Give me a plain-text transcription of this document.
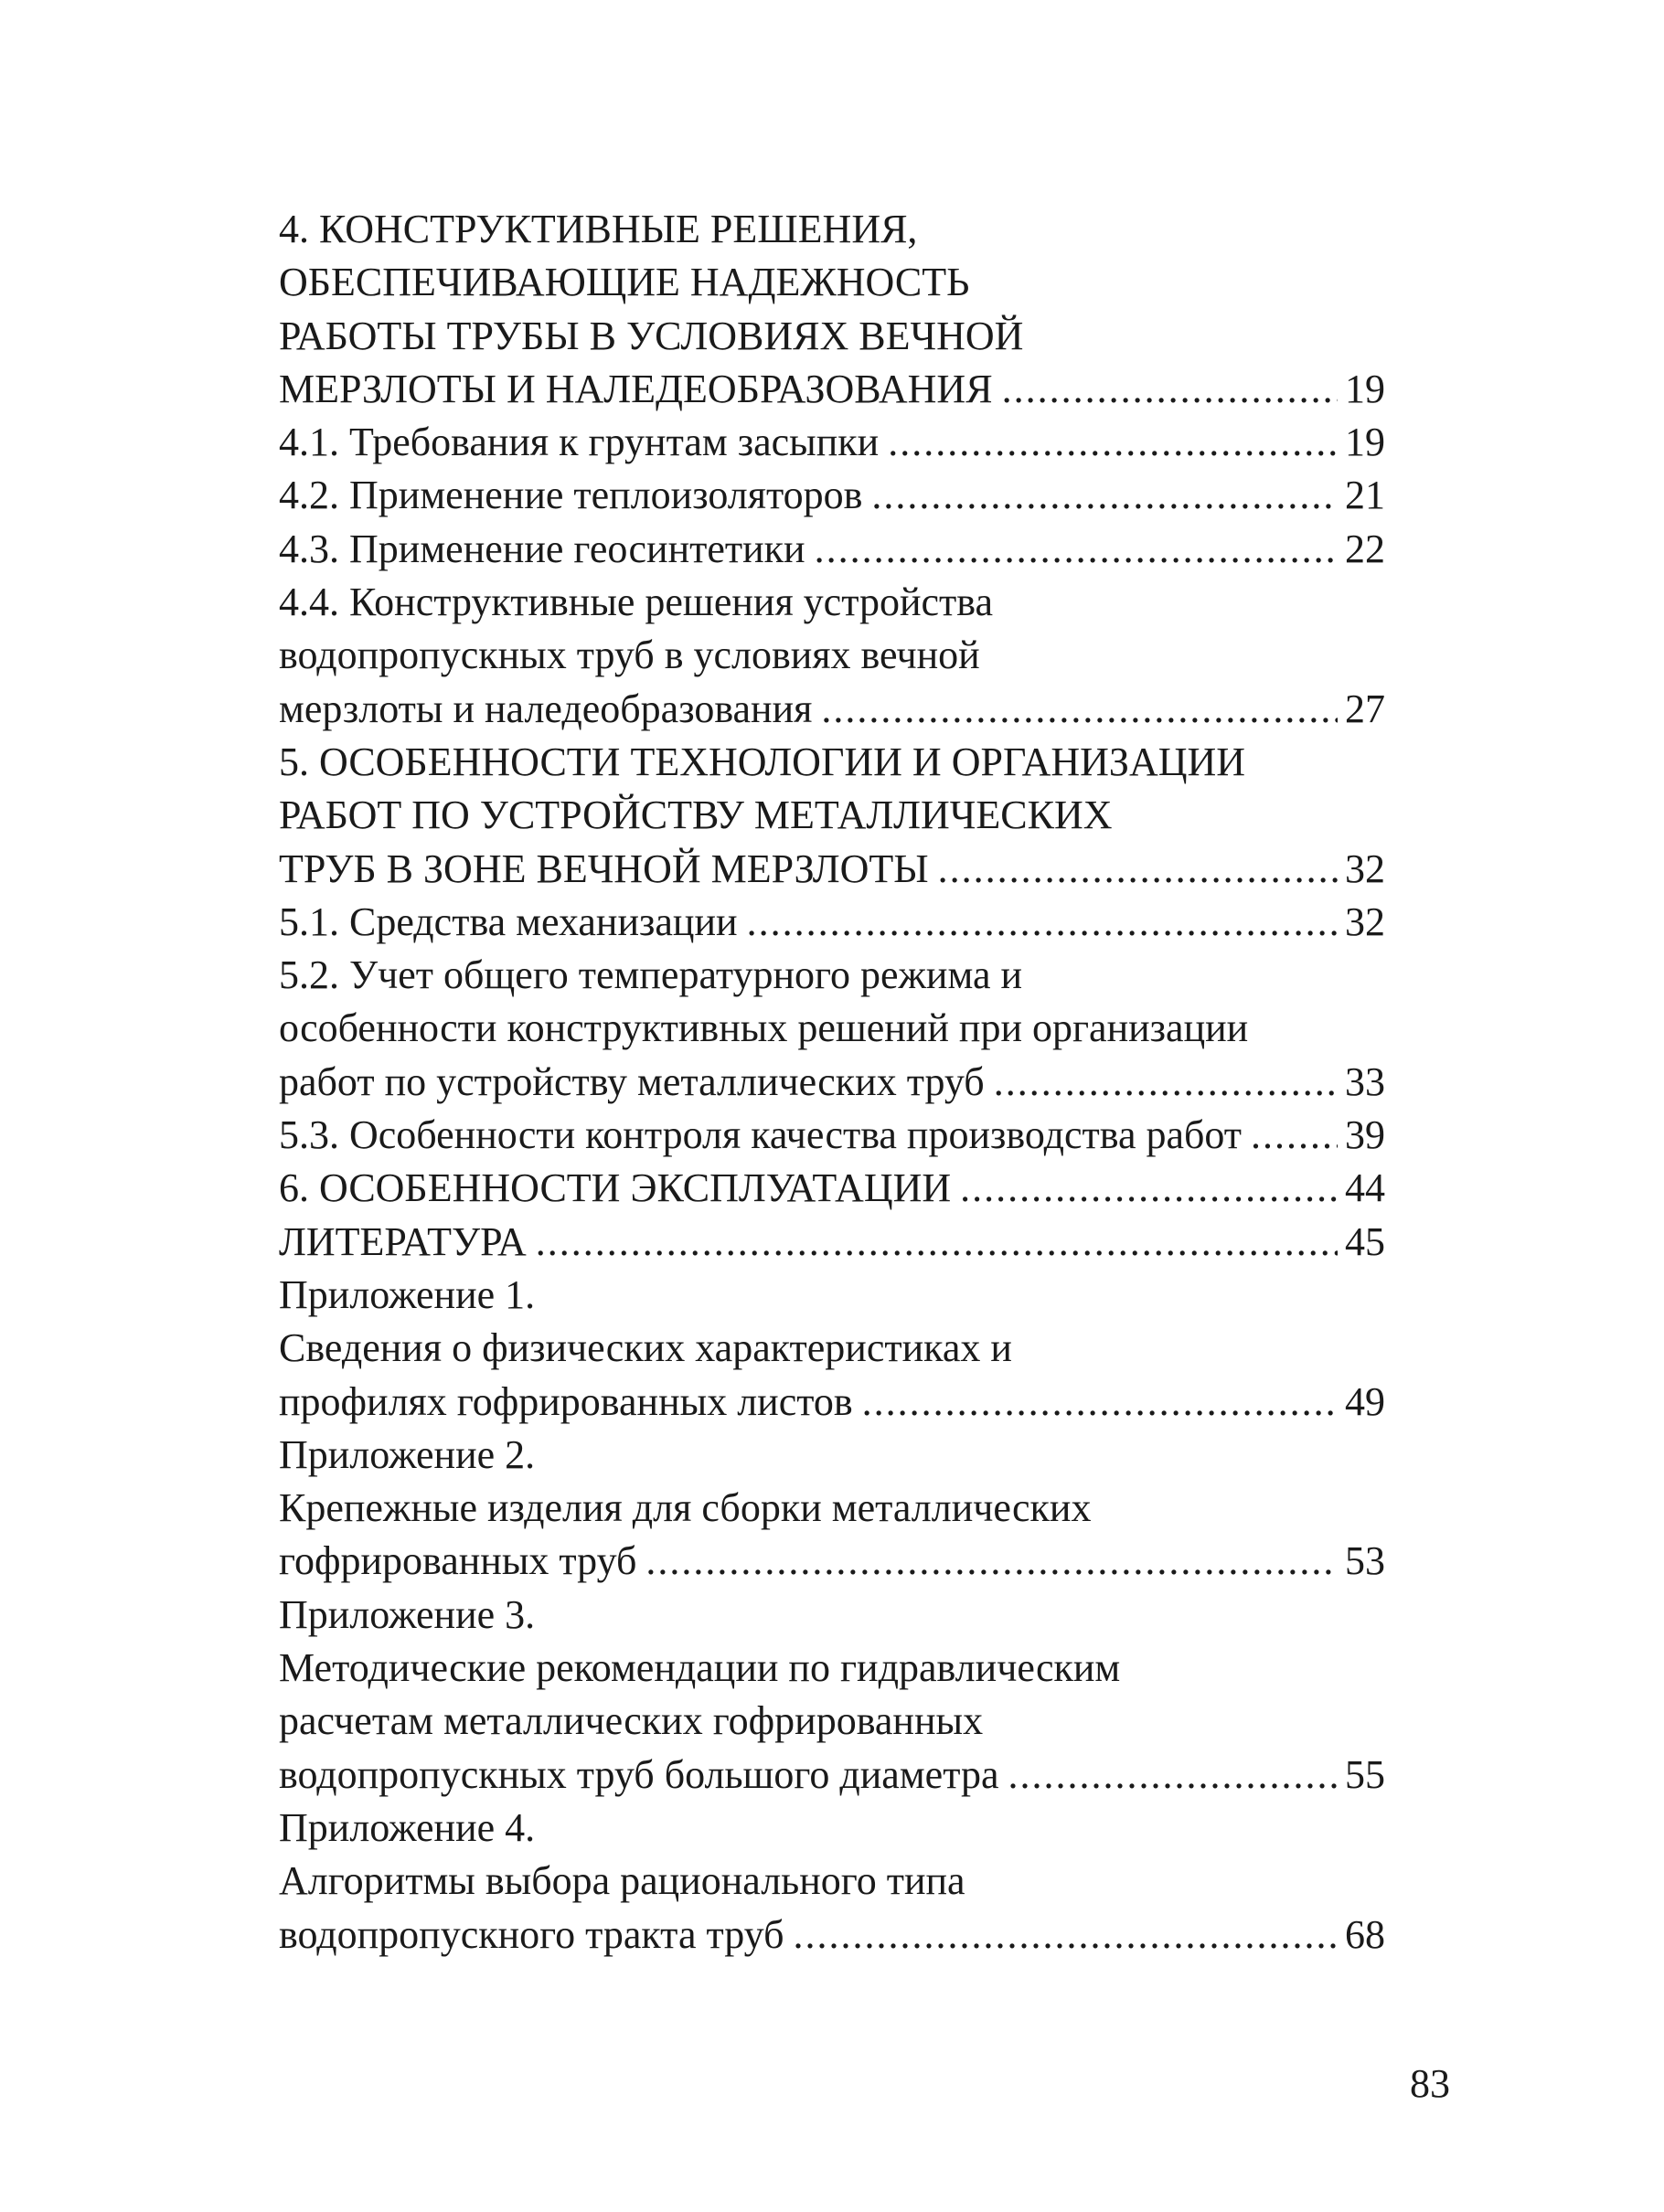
4. КОНСТРУКТИВНЫЕ РЕШЕНИЯ,
ОБЕСПЕЧИВАЮЩИЕ НАДЕЖНОСТЬ
РАБОТЫ ТРУБЫ В УСЛОВИЯХ ВЕЧНОЙ
МЕРЗЛОТЫ И НАЛЕДЕОБРАЗОВАНИЯ .....	19
4.1. Требования к грунтам засыпки .....	19
4.2. Применение теплоизоляторов .....	21
4.3. Применение геосинтетики .....	22
4.4. Конструктивные решения устройства
водопропускных труб в условиях вечной
мерзлоты и наледеобразования .....	27
5. ОСОБЕННОСТИ ТЕХНОЛОГИИ И ОРГАНИЗАЦИИ
РАБОТ ПО УСТРОЙСТВУ МЕТАЛЛИЧЕСКИХ
ТРУБ В ЗОНЕ ВЕЧНОЙ МЕРЗЛОТЫ .....	32
5.1. Средства механизации .....	32
5.2. Учет общего температурного режима и
особенности конструктивных решений при организации
работ по устройству металлических труб .....	33
5.3. Особенности контроля качества производства работ .....	39
6. ОСОБЕННОСТИ ЭКСПЛУАТАЦИИ .....	44
ЛИТЕРАТУРА .....	45
Приложение 1.
Сведения о физических характеристиках и
профилях гофрированных листов .....	49
Приложение 2.
Крепежные изделия для сборки металлических
гофрированных труб .....	53
Приложение 3.
Методические рекомендации по гидравлическим
расчетам металлических гофрированных
водопропускных труб большого диаметра .....	55
Приложение 4.
Алгоритмы выбора рационального типа
водопропускного тракта труб .....	68
83
